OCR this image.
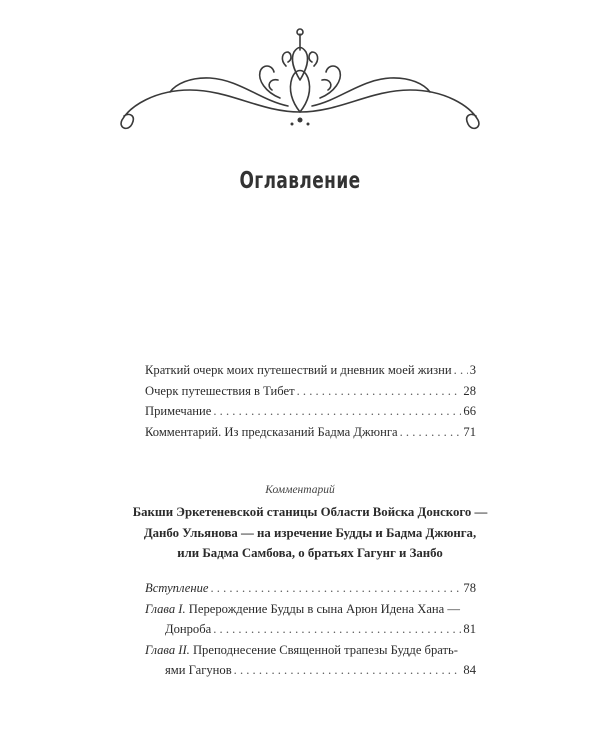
Оглавление
Краткий очерк моих путешествий и дневник моей жизни . . . 3
Очерк путешествия в Тибет . . .	28
Примечание . . .	66
Комментарий. Из предсказаний Бадма Джюнга . . .	71
Комментарий
Бакши Эркетеневской станицы Области Войска Донского —
Данбо Ульянова — на изречение Будды и Бадма Джюнга,
или Бадма Самбова, о братьях Гагунг и Занбо
Вступление . . .	78
Глава I. Перерождение Будды в сына Арюн Идена Хана —
Донроба . . .	81
Глава II. Преподнесение Священной трапезы Будде брать-
ями Гагунов . . .	84
